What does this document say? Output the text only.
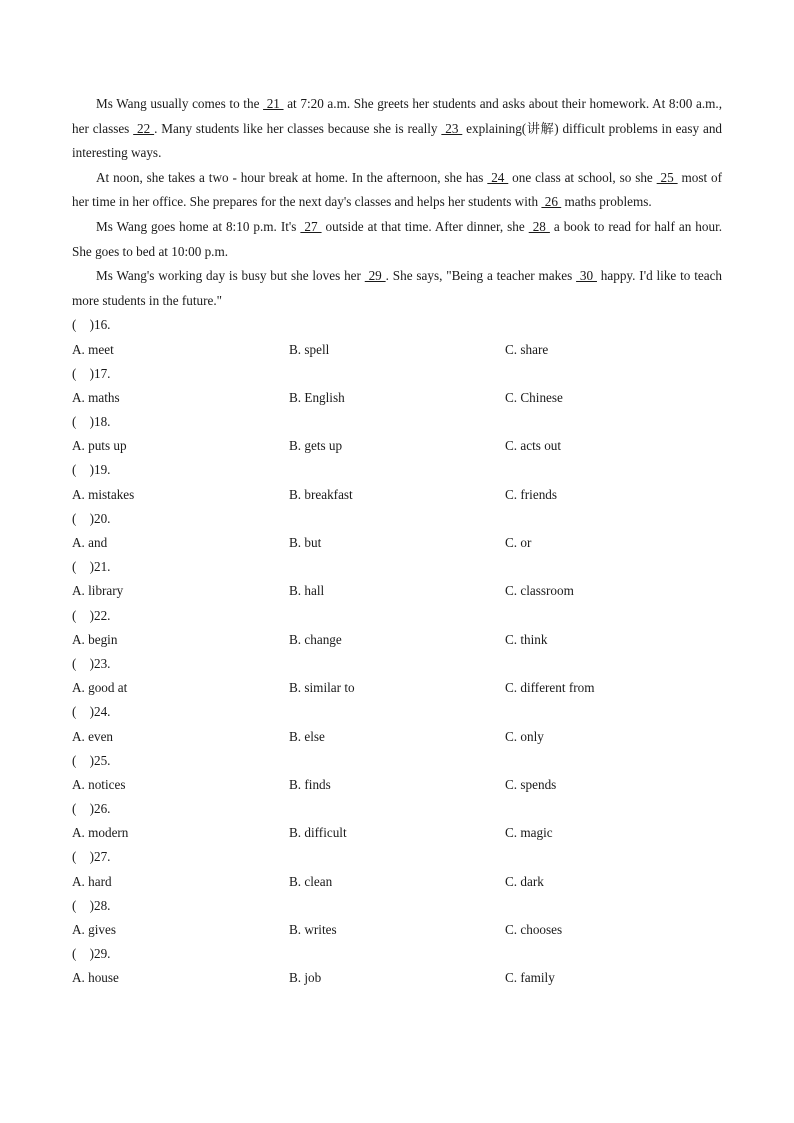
Ms Wang usually comes to the  21  at 7:20 a.m. She greets her students and asks about their homework. At 8:00 a.m., her classes  22 . Many students like her classes because she is really  23  explaining(讲解) difficult problems in easy and interesting ways.

At noon, she takes a two - hour break at home. In the afternoon, she has  24  one class at school, so she  25  most of her time in her office. She prepares for the next day's classes and helps her students with  26  maths problems.

Ms Wang goes home at 8:10 p.m. It's  27  outside at that time. After dinner, she  28  a book to read for half an hour. She goes to bed at 10:00 p.m.

Ms Wang's working day is busy but she loves her  29 . She says, "Being a teacher makes  30  happy. I'd like to teach more students in the future."

(    )16.
A. meet	B. spell	C. share
(    )17.
A. maths	B. English	C. Chinese
(    )18.
A. puts up	B. gets up	C. acts out
(    )19.
A. mistakes	B. breakfast	C. friends
(    )20.
A. and	B. but	C. or
(    )21.
A. library	B. hall	C. classroom
(    )22.
A. begin	B. change	C. think
(    )23.
A. good at	B. similar to	C. different from
(    )24.
A. even	B. else	C. only
(    )25.
A. notices	B. finds	C. spends
(    )26.
A. modern	B. difficult	C. magic
(    )27.
A. hard	B. clean	C. dark
(    )28.
A. gives	B. writes	C. chooses
(    )29.
A. house	B. job	C. family
